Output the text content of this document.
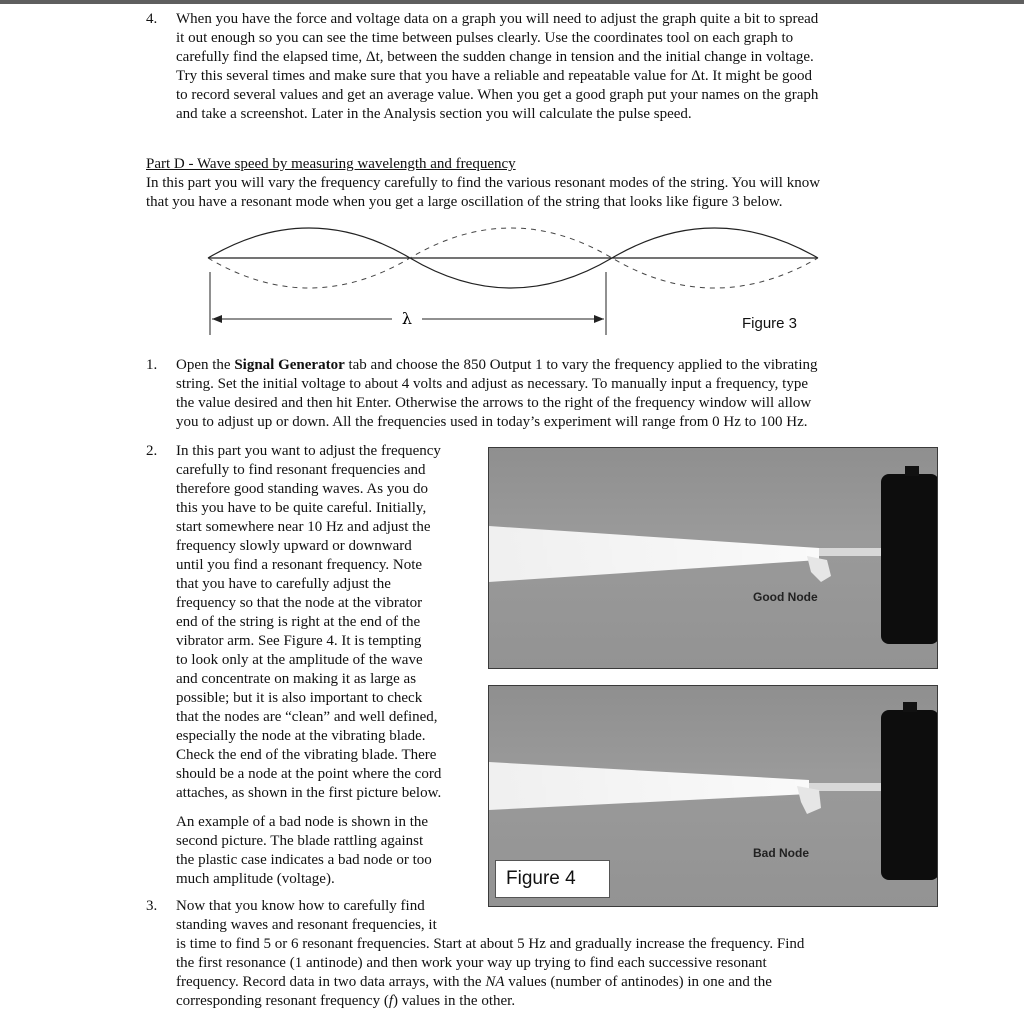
4.	When you have the force and voltage data on a graph you will need to adjust the graph quite a bit to spread
it out enough so you can see the time between pulses clearly. Use the coordinates tool on each graph to
carefully find the elapsed time, Δt, between the sudden change in tension and the initial change in voltage.
Try this several times and make sure that you have a reliable and repeatable value for Δt. It might be good
to record several values and get an average value. When you get a good graph put your names on the graph
and take a screenshot. Later in the Analysis section you will calculate the pulse speed.
Part D - Wave speed by measuring wavelength and frequency
In this part you will vary the frequency carefully to find the various resonant modes of the string. You will know
that you have a resonant mode when you get a large oscillation of the string that looks like figure 3 below.
λ	Figure 3
1.	Open the Signal Generator tab and choose the 850 Output 1 to vary the frequency applied to the vibrating
string. Set the initial voltage to about 4 volts and adjust as necessary. To manually input a frequency, type
the value desired and then hit Enter. Otherwise the arrows to the right of the frequency window will allow
you to adjust up or down. All the frequencies used in today’s experiment will range from 0 Hz to 100 Hz.
2.	In this part you want to adjust the frequency
carefully to find resonant frequencies and
therefore good standing waves. As you do
this you have to be quite careful. Initially,
start somewhere near 10 Hz and adjust the
frequency slowly upward or downward
until you find a resonant frequency. Note
that you have to carefully adjust the
frequency so that the node at the vibrator
end of the string is right at the end of the
vibrator arm. See Figure 4. It is tempting
to look only at the amplitude of the wave
and concentrate on making it as large as
possible; but it is also important to check
that the nodes are “clean” and well defined,
especially the node at the vibrating blade.
Check the end of the vibrating blade. There
should be a node at the point where the cord
attaches, as shown in the first picture below.
An example of a bad node is shown in the
second picture. The blade rattling against
the plastic case indicates a bad node or too
much amplitude (voltage).
Good Node
Bad Node
Figure 4
3.	Now that you know how to carefully find
standing waves and resonant frequencies, it
is time to find 5 or 6 resonant frequencies. Start at about 5 Hz and gradually increase the frequency. Find
the first resonance (1 antinode) and then work your way up trying to find each successive resonant
frequency. Record data in two data arrays, with the NA values (number of antinodes) in one and the
corresponding resonant frequency (f) values in the other.
